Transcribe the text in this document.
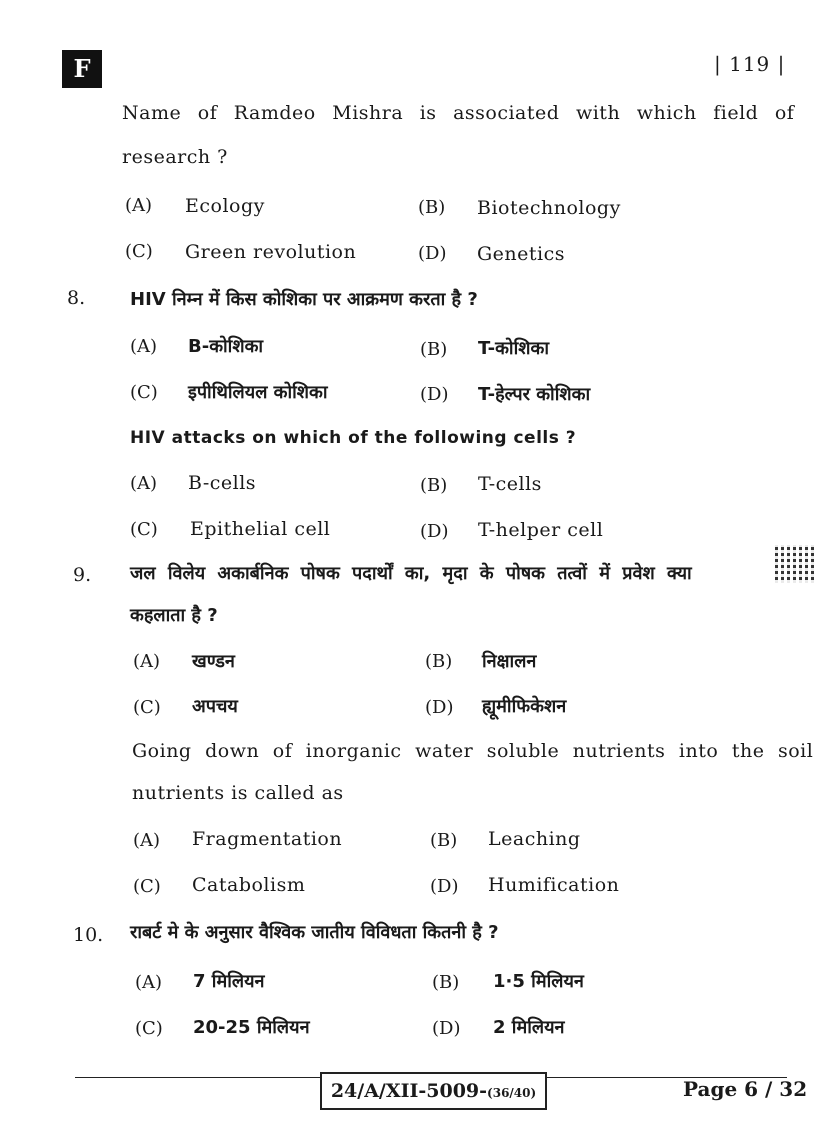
F	| 119 |
Name of Ramdeo Mishra is associated with which field of
research ?
(A) Ecology	(B) Biotechnology
(C) Green revolution	(D) Genetics
8. HIV निम्न में किस कोशिका पर आक्रमण करता है ?
(A) B-कोशिका	(B) T-कोशिका
(C) इपीथिलियल कोशिका	(D) T-हेल्पर कोशिका
HIV attacks on which of the following cells ?
(A) B-cells	(B) T-cells
(C) Epithelial cell	(D) T-helper cell
9. जल विलेय अकार्बनिक पोषक पदार्थों का, मृदा के पोषक तत्वों में प्रवेश क्या
कहलाता है ?
(A) खण्डन	(B) निक्षालन
(C) अपचय	(D) ह्यूमीफिकेशन
Going down of inorganic water soluble nutrients into the soil
nutrients is called as
(A) Fragmentation	(B) Leaching
(C) Catabolism	(D) Humification
10. राबर्ट मे के अनुसार वैश्विक जातीय विविधता कितनी है ?
(A) 7 मिलियन	(B) 1·5 मिलियन
(C) 20-25 मिलियन	(D) 2 मिलियन
24/A/XII-5009-(36/40)	Page 6 / 32
